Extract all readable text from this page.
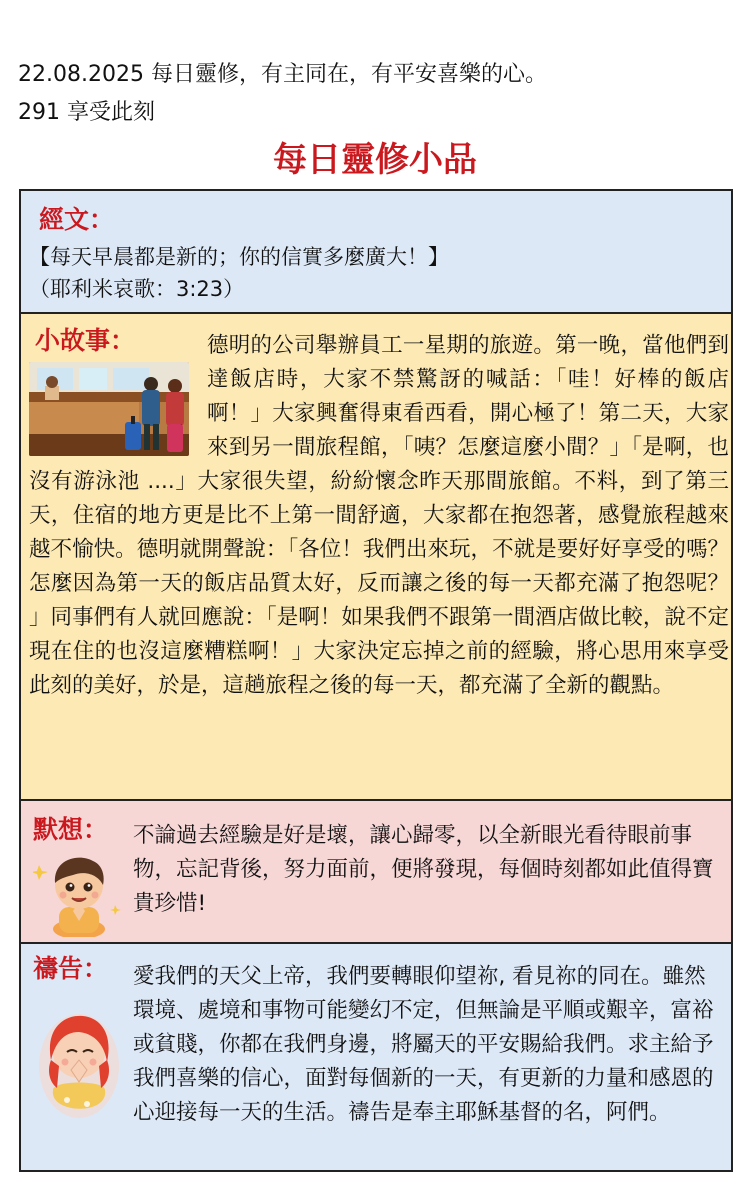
22.08.2025 每日靈修，有主同在，有平安喜樂的心。
291 享受此刻
每日靈修小品
經文：
【每天早晨都是新的；你的信實多麼廣大！】
（耶利米哀歌：3:23）
德明的公司舉辦員工一星期的旅遊。第一晚，當他們到達飯店時，大家不禁驚訝的喊話：「哇！好棒的飯店啊！」大家興奮得東看西看，開心極了！第二天，大家來到另一間旅程館，「咦？怎麼這麼小間？」「是啊，也沒有游泳池 ....」大家很失望，紛紛懷念昨天那間旅館。不料，到了第三天，住宿的地方更是比不上第一間舒適，大家都在抱怨著，感覺旅程越來越不愉快。德明就開聲說：「各位！我們出來玩，不就是要好好享受的嗎？怎麼因為第一天的飯店品質太好，反而讓之後的每一天都充滿了抱怨呢？ 」同事們有人就回應說：「是啊！如果我們不跟第一間酒店做比較，說不定現在住的也沒這麼糟糕啊！」大家決定忘掉之前的經驗，將心思用來享受此刻的美好，於是，這趟旅程之後的每一天，都充滿了全新的觀點。
小故事：
默想： 不論過去經驗是好是壞，讓心歸零，以全新眼光看待眼前事物，忘記背後，努力面前，便將發現，每個時刻都如此值得寶貴珍惜!
禱告： 愛我們的天父上帝，我們要轉眼仰望祢, 看見祢的同在。雖然環境、處境和事物可能變幻不定，但無論是平順或艱辛，富裕或貧賤，你都在我們身邊，將屬天的平安賜給我們。求主給予我們喜樂的信心，面對每個新的一天，有更新的力量和感恩的心迎接每一天的生活。禱告是奉主耶穌基督的名，阿們。
